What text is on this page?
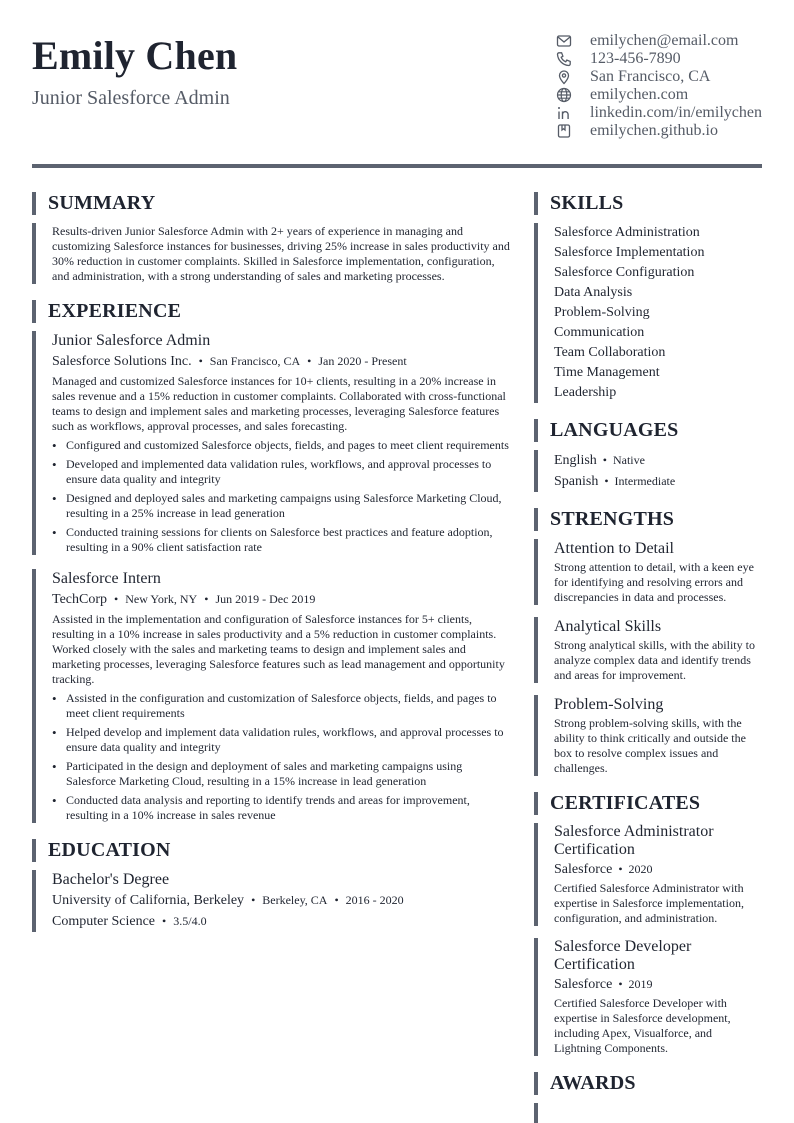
Emily Chen
Junior Salesforce Admin
emilychen@email.com
123-456-7890
San Francisco, CA
emilychen.com
linkedin.com/in/emilychen
emilychen.github.io
SUMMARY
Results-driven Junior Salesforce Admin with 2+ years of experience in managing and customizing Salesforce instances for businesses, driving 25% increase in sales productivity and 30% reduction in customer complaints. Skilled in Salesforce implementation, configuration, and administration, with a strong understanding of sales and marketing processes.
EXPERIENCE
Junior Salesforce Admin
Salesforce Solutions Inc. • San Francisco, CA • Jan 2020 - Present
Managed and customized Salesforce instances for 10+ clients, resulting in a 20% increase in sales revenue and a 15% reduction in customer complaints. Collaborated with cross-functional teams to design and implement sales and marketing processes, leveraging Salesforce features such as workflows, approval processes, and sales forecasting.
• Configured and customized Salesforce objects, fields, and pages to meet client requirements
• Developed and implemented data validation rules, workflows, and approval processes to ensure data quality and integrity
• Designed and deployed sales and marketing campaigns using Salesforce Marketing Cloud, resulting in a 25% increase in lead generation
• Conducted training sessions for clients on Salesforce best practices and feature adoption, resulting in a 90% client satisfaction rate
Salesforce Intern
TechCorp • New York, NY • Jun 2019 - Dec 2019
Assisted in the implementation and configuration of Salesforce instances for 5+ clients, resulting in a 10% increase in sales productivity and a 5% reduction in customer complaints. Worked closely with the sales and marketing teams to design and implement sales and marketing processes, leveraging Salesforce features such as lead management and opportunity tracking.
• Assisted in the configuration and customization of Salesforce objects, fields, and pages to meet client requirements
• Helped develop and implement data validation rules, workflows, and approval processes to ensure data quality and integrity
• Participated in the design and deployment of sales and marketing campaigns using Salesforce Marketing Cloud, resulting in a 15% increase in lead generation
• Conducted data analysis and reporting to identify trends and areas for improvement, resulting in a 10% increase in sales revenue
EDUCATION
Bachelor's Degree
University of California, Berkeley • Berkeley, CA • 2016 - 2020
Computer Science • 3.5/4.0
SKILLS
Salesforce Administration
Salesforce Implementation
Salesforce Configuration
Data Analysis
Problem-Solving
Communication
Team Collaboration
Time Management
Leadership
LANGUAGES
English • Native
Spanish • Intermediate
STRENGTHS
Attention to Detail
Strong attention to detail, with a keen eye for identifying and resolving errors and discrepancies in data and processes.
Analytical Skills
Strong analytical skills, with the ability to analyze complex data and identify trends and areas for improvement.
Problem-Solving
Strong problem-solving skills, with the ability to think critically and outside the box to resolve complex issues and challenges.
CERTIFICATES
Salesforce Administrator Certification
Salesforce • 2020
Certified Salesforce Administrator with expertise in Salesforce implementation, configuration, and administration.
Salesforce Developer Certification
Salesforce • 2019
Certified Salesforce Developer with expertise in Salesforce development, including Apex, Visualforce, and Lightning Components.
AWARDS
